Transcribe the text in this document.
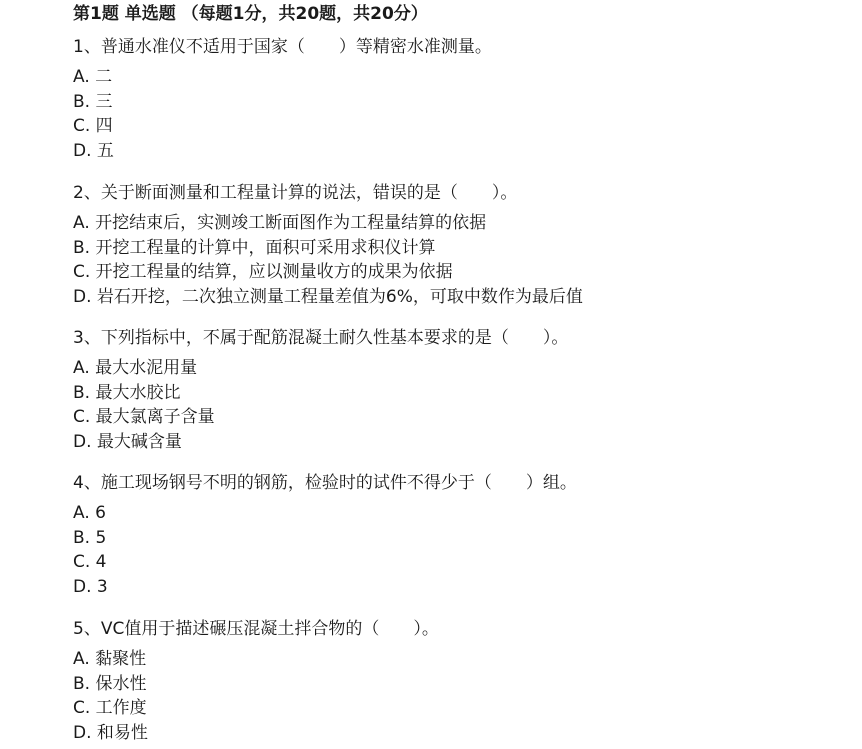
第1题 单选题 （每题1分，共20题，共20分）
1、普通水准仪不适用于国家（　　）等精密水准测量。
A. 二
B. 三
C. 四
D. 五
2、关于断面测量和工程量计算的说法，错误的是（　　）。
A. 开挖结束后，实测竣工断面图作为工程量结算的依据
B. 开挖工程量的计算中，面积可采用求积仪计算
C. 开挖工程量的结算，应以测量收方的成果为依据
D. 岩石开挖，二次独立测量工程量差值为6%，可取中数作为最后值
3、下列指标中，不属于配筋混凝土耐久性基本要求的是（　　）。
A. 最大水泥用量
B. 最大水胶比
C. 最大氯离子含量
D. 最大碱含量
4、施工现场钢号不明的钢筋，检验时的试件不得少于（　　）组。
A. 6
B. 5
C. 4
D. 3
5、VC值用于描述碾压混凝土拌合物的（　　）。
A. 黏聚性
B. 保水性
C. 工作度
D. 和易性
